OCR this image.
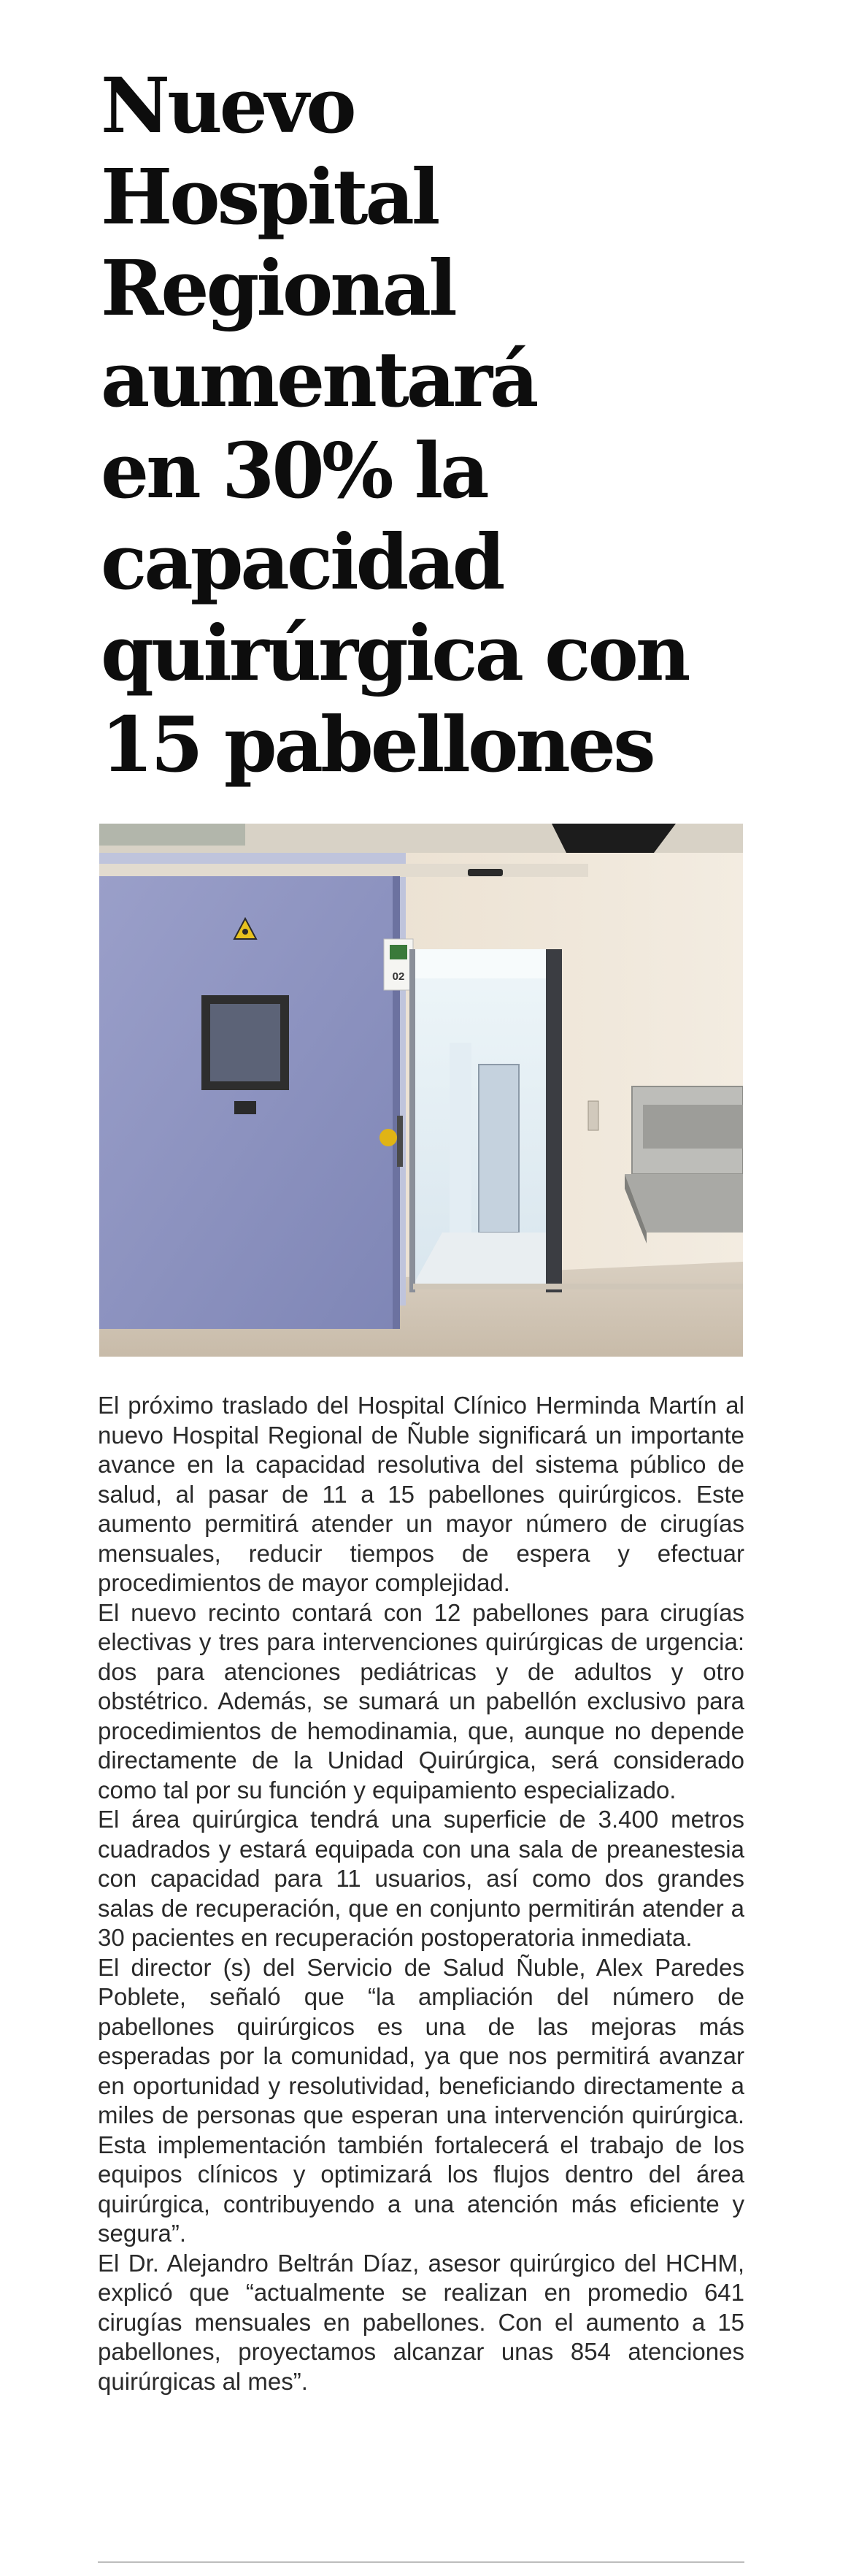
Nuevo
Hospital
Regional
aumentará
en 30% la
capacidad
quirúrgica con
15 pabellones
02

El próximo traslado del Hospital Clínico Herminda Martín al nuevo Hospital Regional de Ñuble significará un importante avance en la capacidad resolutiva del sistema público de salud, al pasar de 11 a 15 pabellones quirúrgicos. Este aumento permitirá atender un mayor número de cirugías mensuales, reducir tiempos de espera y efectuar procedimientos de mayor complejidad.

El nuevo recinto contará con 12 pabellones para cirugías electivas y tres para intervenciones quirúrgicas de urgencia: dos para atenciones pediátricas y de adultos y otro obstétrico. Además, se sumará un pabellón exclusivo para procedimientos de hemodinamia, que, aunque no depende directamente de la Unidad Quirúrgica, será considerado como tal por su función y equipamiento especializado.

El área quirúrgica tendrá una superficie de 3.400 metros cuadrados y estará equipada con una sala de preanestesia con capacidad para 11 usuarios, así como dos grandes salas de recuperación, que en conjunto permitirán atender a 30 pacientes en recuperación postoperatoria inmediata.

El director (s) del Servicio de Salud Ñuble, Alex Paredes Poblete, señaló que “la ampliación del número de pabellones quirúrgicos es una de las mejoras más esperadas por la comunidad, ya que nos permitirá avanzar en oportunidad y resolutividad, beneficiando directamente a miles de personas que esperan una intervención quirúrgica. Esta implementación también fortalecerá el trabajo de los equipos clínicos y optimizará los flujos dentro del área quirúrgica, contribuyendo a una atención más eficiente y segura”.

El Dr. Alejandro Beltrán Díaz, asesor quirúrgico del HCHM, explicó que “actualmente se realizan en promedio 641 cirugías mensuales en pabellones. Con el aumento a 15 pabellones, proyectamos alcanzar unas 854 atenciones quirúrgicas al mes”.
